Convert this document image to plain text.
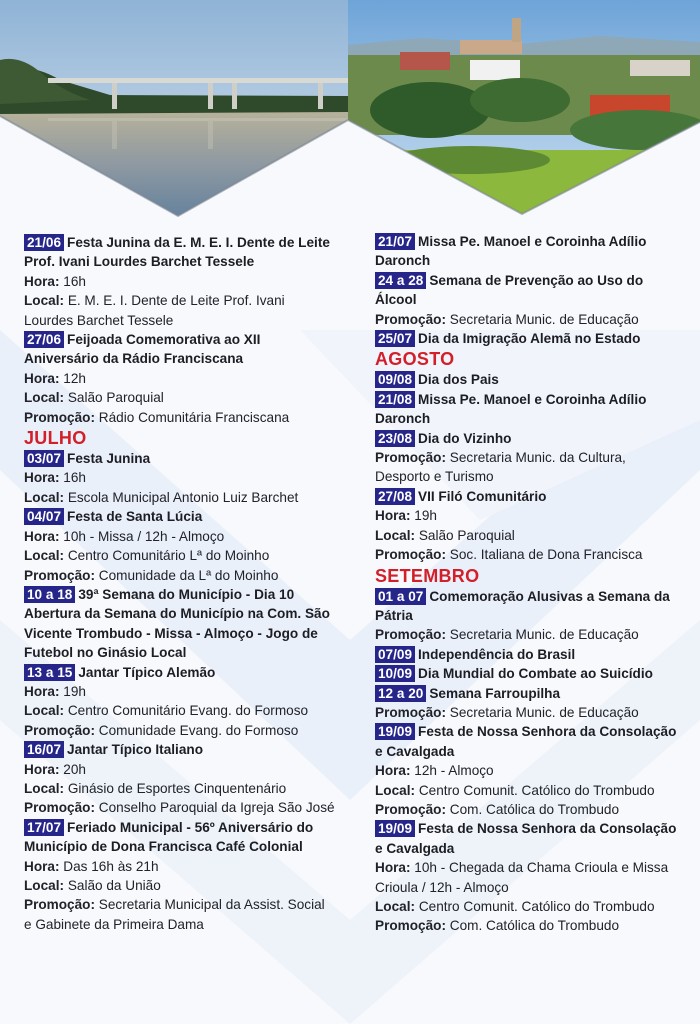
21/06 Festa Junina da E. M. E. I. Dente de Leite Prof. Ivani Lourdes Barchet Tessele
Hora: 16h
Local: E. M. E. I. Dente de Leite Prof. Ivani Lourdes Barchet Tessele
27/06 Feijoada Comemorativa ao XII Aniversário da Rádio Franciscana
Hora: 12h
Local: Salão Paroquial
Promoção: Rádio Comunitária Franciscana
JULHO
03/07 Festa Junina
Hora: 16h
Local: Escola Municipal Antonio Luiz Barchet
04/07 Festa de Santa Lúcia
Hora: 10h - Missa / 12h - Almoço
Local: Centro Comunitário Lª do Moinho
Promoção: Comunidade da Lª do Moinho
10 a 18 39ª Semana do Município - Dia 10 Abertura da Semana do Município na Com. São Vicente Trombudo - Missa - Almoço - Jogo de Futebol no Ginásio Local
13 a 15 Jantar Típico Alemão
Hora: 19h
Local: Centro Comunitário Evang. do Formoso
Promoção: Comunidade Evang. do Formoso
16/07 Jantar Típico Italiano
Hora: 20h
Local: Ginásio de Esportes Cinquentenário
Promoção: Conselho Paroquial da Igreja São José
17/07 Feriado Municipal - 56º Aniversário do Município de Dona Francisca Café Colonial
Hora: Das 16h às 21h
Local: Salão da União
Promoção: Secretaria Municipal da Assist. Social e Gabinete da Primeira Dama
21/07 Missa Pe. Manoel e Coroinha Adílio Daronch
24 a 28 Semana de Prevenção ao Uso do Álcool
Promoção: Secretaria Munic. de Educação
25/07 Dia da Imigração Alemã no Estado
AGOSTO
09/08 Dia dos Pais
21/08 Missa Pe. Manoel e Coroinha Adílio Daronch
23/08 Dia do Vizinho
Promoção: Secretaria Munic. da Cultura, Desporto e Turismo
27/08 VII Filó Comunitário
Hora: 19h
Local: Salão Paroquial
Promoção: Soc. Italiana de Dona Francisca
SETEMBRO
01 a 07 Comemoração Alusivas a Semana da Pátria
Promoção: Secretaria Munic. de Educação
07/09 Independência do Brasil
10/09 Dia Mundial do Combate ao Suicídio
12 a 20 Semana Farroupilha
Promoção: Secretaria Munic. de Educação
19/09 Festa de Nossa Senhora da Consolação e Cavalgada
Hora: 12h - Almoço
Local: Centro Comunit. Católico do Trombudo
Promoção: Com. Católica do Trombudo
19/09 Festa de Nossa Senhora da Consolação e Cavalgada
Hora: 10h - Chegada da Chama Crioula e Missa Crioula / 12h - Almoço
Local: Centro Comunit. Católico do Trombudo
Promoção: Com. Católica do Trombudo
